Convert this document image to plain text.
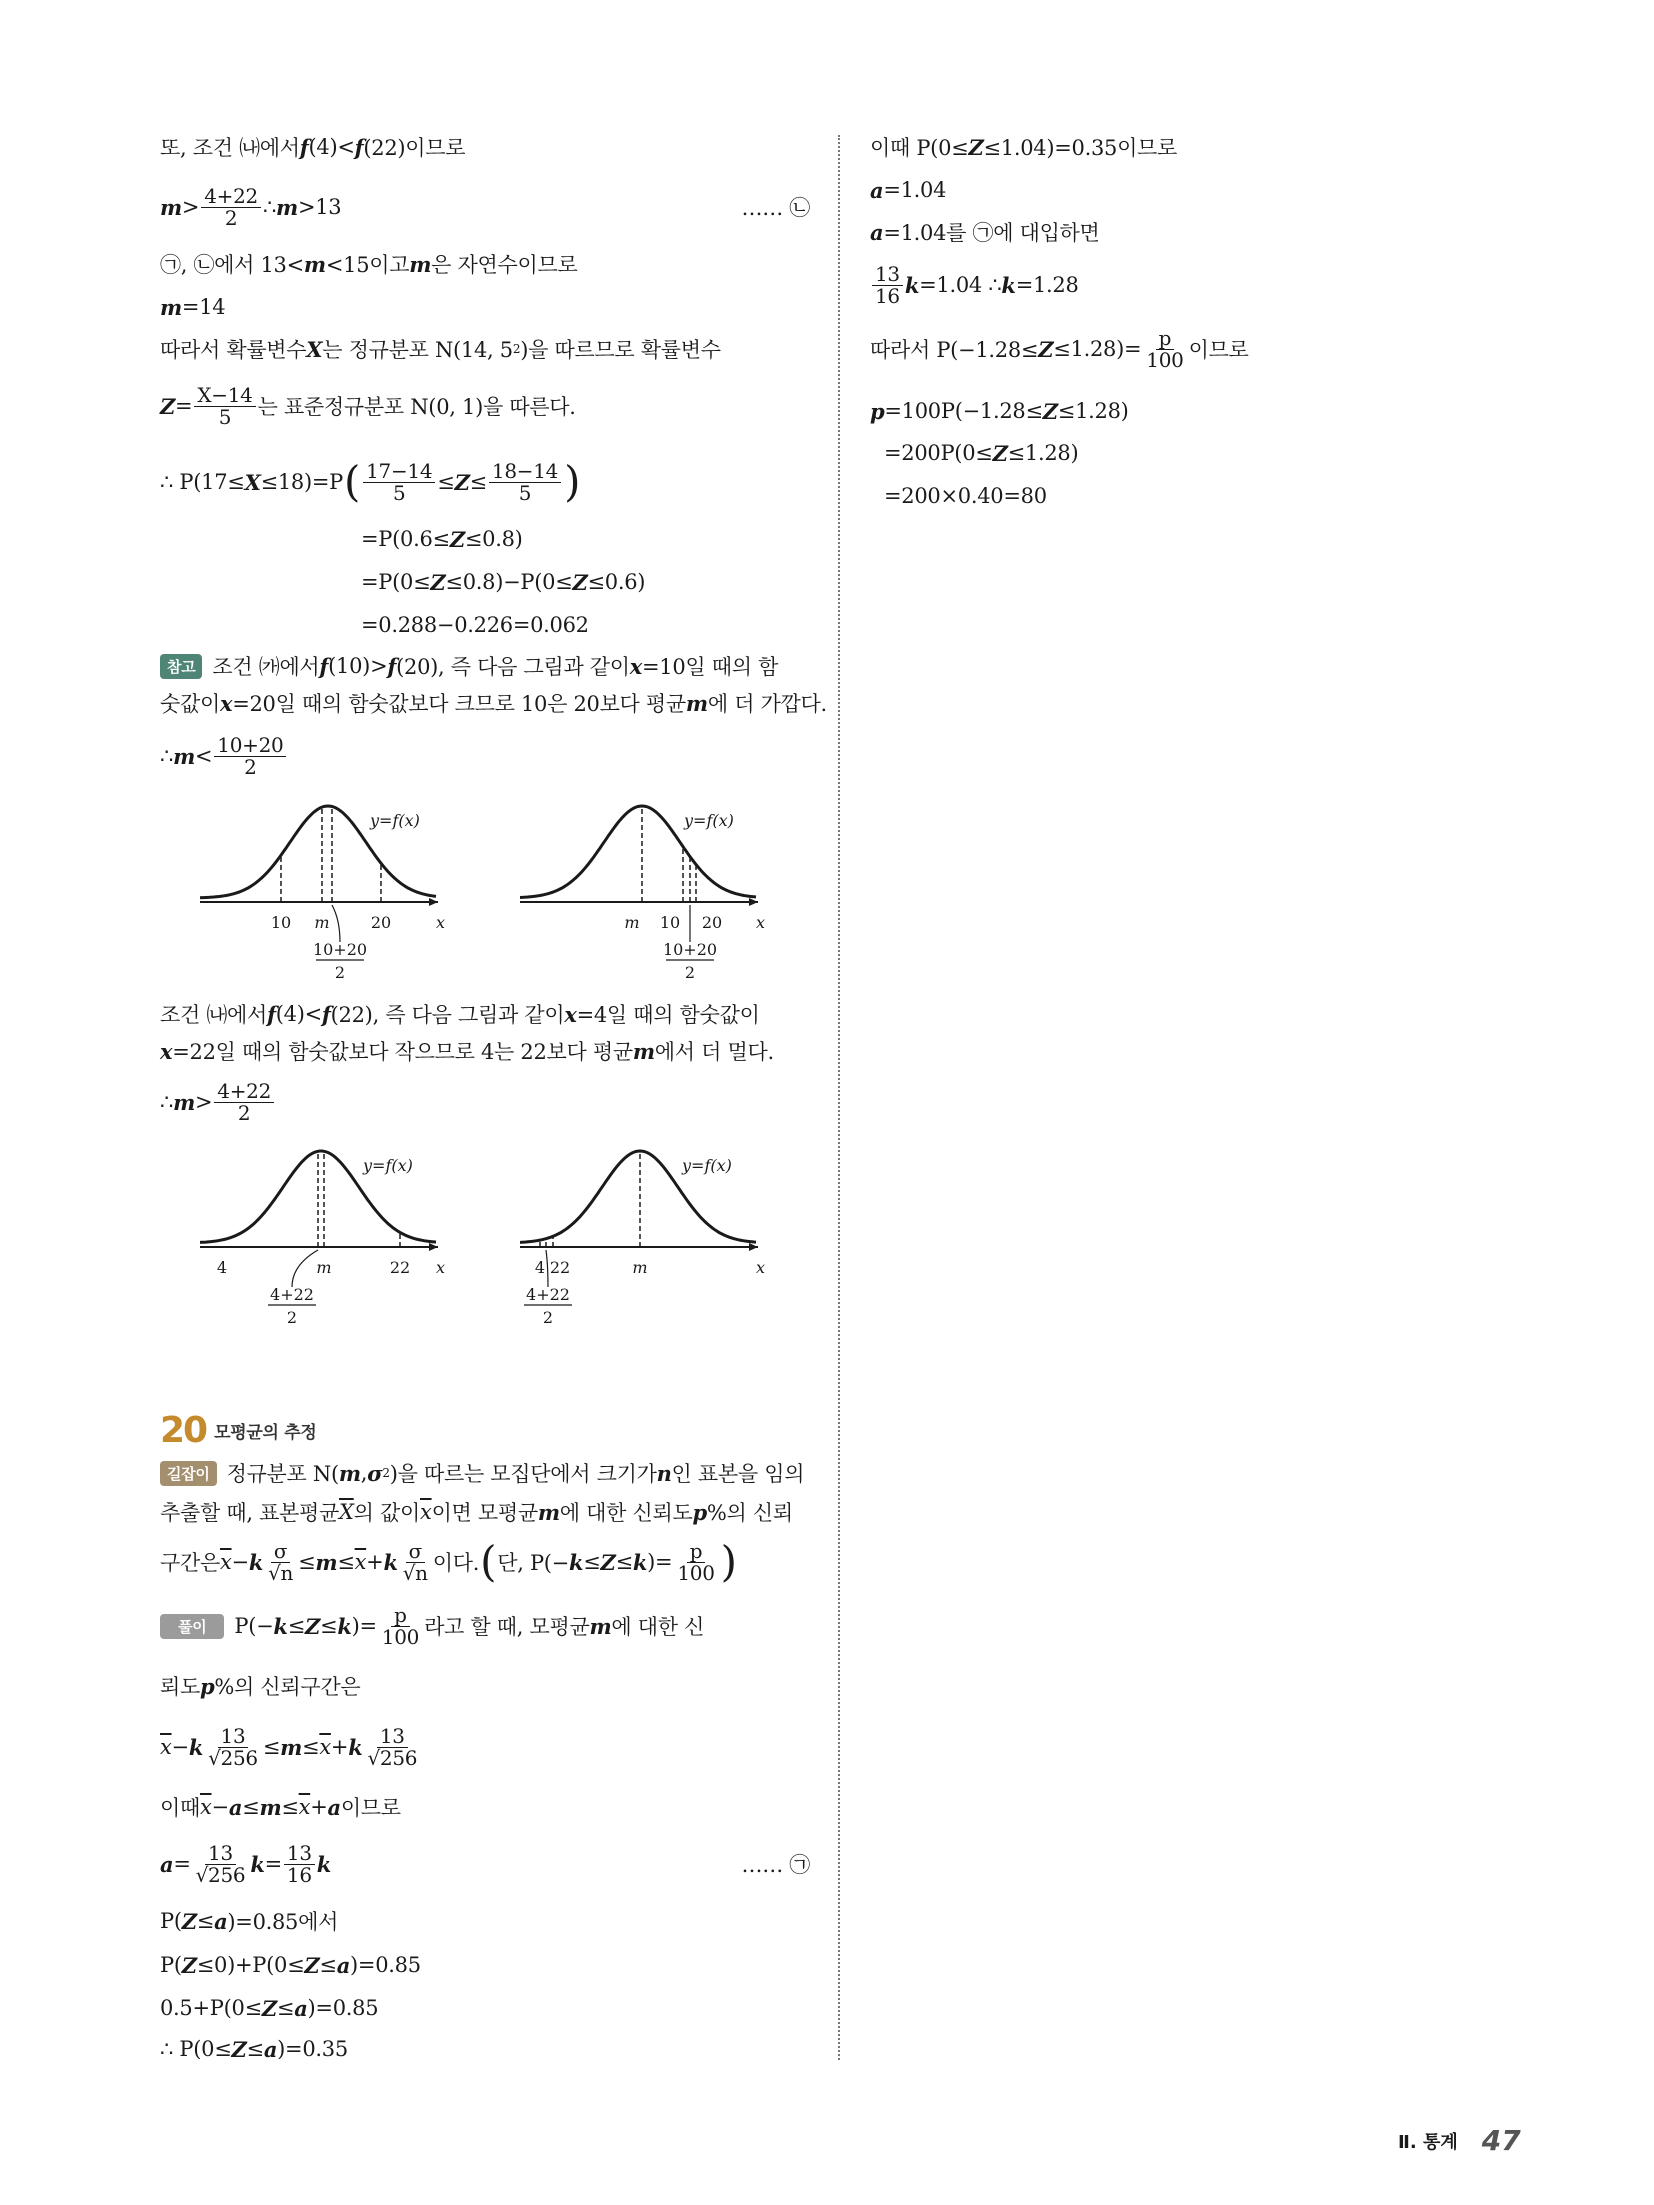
또, 조건 ㈏에서 f (4)< f (22)이므로
$m > \frac{4+22}{2}$ ∴ m >13	…… ㉡
㉠, ㉡에서 13< m <15이고 m 은 자연수이므로
m =14
따라서 확률변수 X 는 정규분포 N(14, 5 2 )을 따르므로 확률변수
$Z = \frac{X-14}{5}$ 는 표준정규분포 N(0, 1)을 따른다.
∴ P(17≤ X ≤18)=P ( $\frac{17-14}{5} \le Z \le \frac{18-14}{5}$ )
=P(0.6≤ Z ≤0.8)
=P(0≤ Z ≤0.8)−P(0≤ Z ≤0.6)
=0.288−0.226=0.062
참고 조건 ㈎에서 f (10)> f (20), 즉 다음 그림과 같이 x =10일 때의 함
숫값이 x =20일 때의 함숫값보다 크므로 10은 20보다 평균 m 에 더 가깝다.
∴ $m < \frac{10+20}{2}$
조건 ㈏에서 f (4)< f (22), 즉 다음 그림과 같이 x =4일 때의 함숫값이
x =22일 때의 함숫값보다 작으므로 4는 22보다 평균 m 에서 더 멀다.
∴ $m > \frac{4+22}{2}$
20 모평균의 추정
길잡이 정규분포 N( m , σ 2 )을 따르는 모집단에서 크기가 n 인 표본을 임의
추출할 때, 표본평균 $\overline{X}$ 의 값이 $\overline{x}$ 이면 모평균 m 에 대한 신뢰도 p %의 신뢰
구간은 $\overline{x} - k \frac{\sigma}{√n} \le m \le \overline{x} + k \frac{\sigma}{√n}$ 이다. ( 단, P(− k ≤ Z ≤ k )= $\frac{p}{100}$ )
풀이	P(− k ≤ Z ≤ k )= $\frac{p}{100}$ 라고 할 때, 모평균 m 에 대한 신
뢰도 p %의 신뢰구간은
$\overline{x} - k \frac{13}{√256} \le m \le \overline{x} + k \frac{13}{√256}$
이때 $\overline{x} - a \le m \le \overline{x} + a$ 이므로
$a = \frac{13}{√256}$ $k = \frac{13}{16}$ k	…… ㉠
P( Z ≤ a )=0.85에서
P( Z ≤0)+P(0≤ Z ≤ a )=0.85
0.5+P(0≤ Z ≤ a )=0.85
∴ P(0≤ Z ≤ a )=0.35
이때 P(0≤ Z ≤1.04)=0.35이므로
a =1.04
a =1.04를 ㉠에 대입하면
$\frac{13}{16}$ k =1.04 ∴ k =1.28
따라서 $P(-1.28\le Z \le 1.28)= \frac{p}{100}$ 이므로
p =100P(−1.28≤ Z ≤1.28)
=200P(0≤ Z ≤1.28)
=200×0.40=80
y=f(x)
x
10 m	20
10+20
2
y=f(x)
x
m 10 20
10+20
2
y=f(x)
x
4	m	22
4+22
2
y=f(x)
x
4 22	m
4+22
2
Ⅱ. 통계 47
